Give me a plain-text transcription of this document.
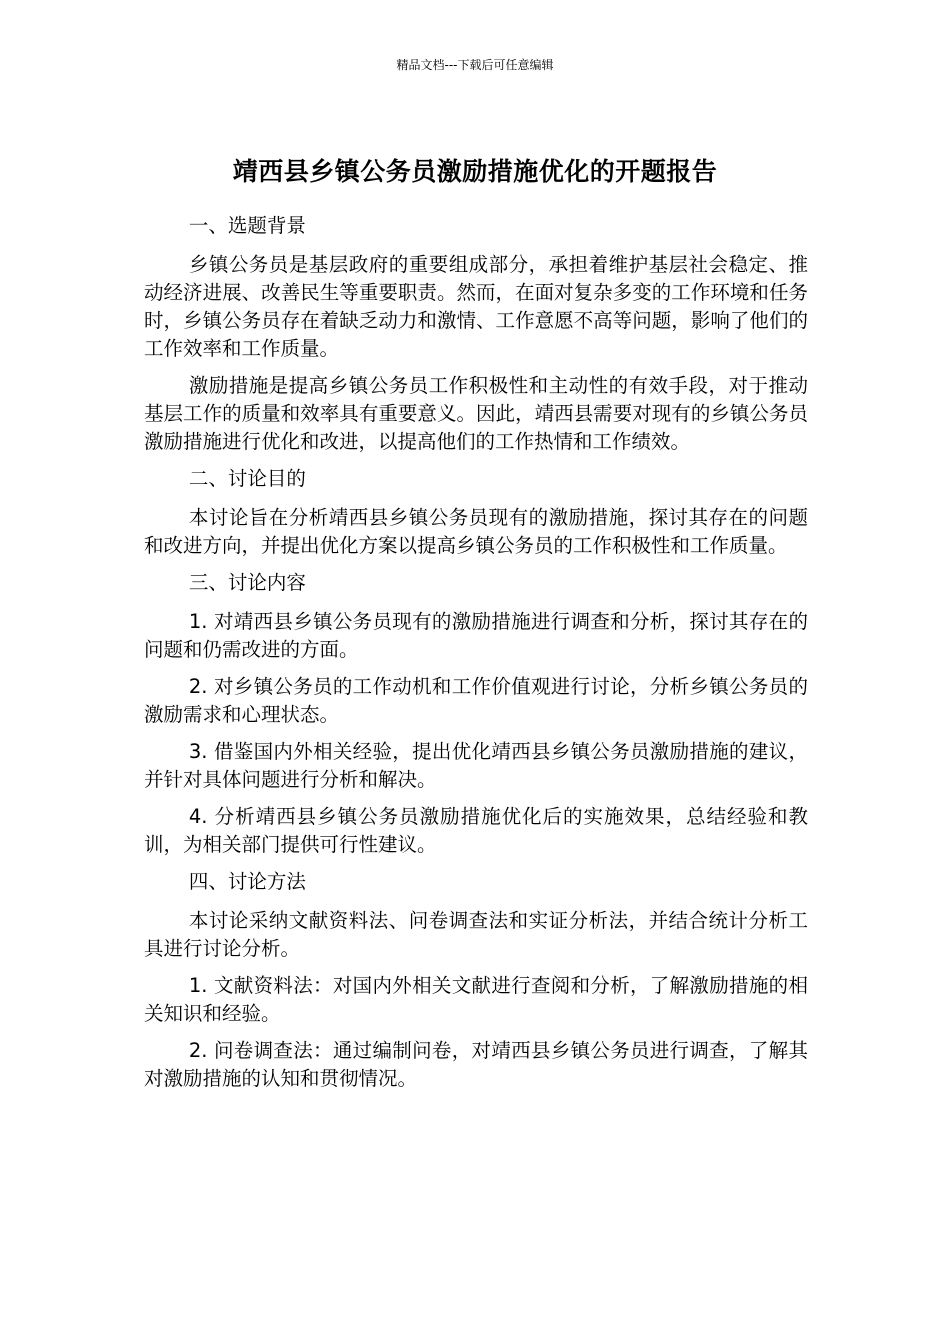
精品文档---下载后可任意编辑
靖西县乡镇公务员激励措施优化的开题报告

一、选题背景

乡镇公务员是基层政府的重要组成部分，承担着维护基层社会稳定、推动经济进展、改善民生等重要职责。然而，在面对复杂多变的工作环境和任务时，乡镇公务员存在着缺乏动力和激情、工作意愿不高等问题，影响了他们的工作效率和工作质量。

激励措施是提高乡镇公务员工作积极性和主动性的有效手段，对于推动基层工作的质量和效率具有重要意义。因此，靖西县需要对现有的乡镇公务员激励措施进行优化和改进，以提高他们的工作热情和工作绩效。

二、讨论目的

本讨论旨在分析靖西县乡镇公务员现有的激励措施，探讨其存在的问题和改进方向，并提出优化方案以提高乡镇公务员的工作积极性和工作质量。

三、讨论内容

1. 对靖西县乡镇公务员现有的激励措施进行调查和分析，探讨其存在的问题和仍需改进的方面。

2. 对乡镇公务员的工作动机和工作价值观进行讨论，分析乡镇公务员的激励需求和心理状态。

3. 借鉴国内外相关经验，提出优化靖西县乡镇公务员激励措施的建议，并针对具体问题进行分析和解决。

4. 分析靖西县乡镇公务员激励措施优化后的实施效果，总结经验和教训，为相关部门提供可行性建议。

四、讨论方法

本讨论采纳文献资料法、问卷调查法和实证分析法，并结合统计分析工具进行讨论分析。

1. 文献资料法：对国内外相关文献进行查阅和分析，了解激励措施的相关知识和经验。

2. 问卷调查法：通过编制问卷，对靖西县乡镇公务员进行调查，了解其对激励措施的认知和贯彻情况。
